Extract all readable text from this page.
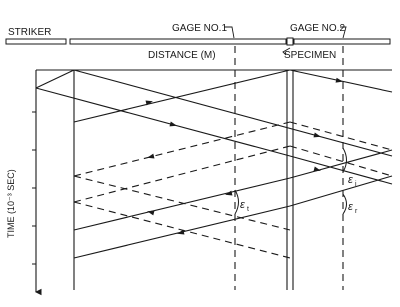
STRIKER	GAGE NO.1	GAGE NO.2
DISTANCE (M)	SPECIMEN
TIME (10⁻³ SEC)	ε i
ε r
ε t
